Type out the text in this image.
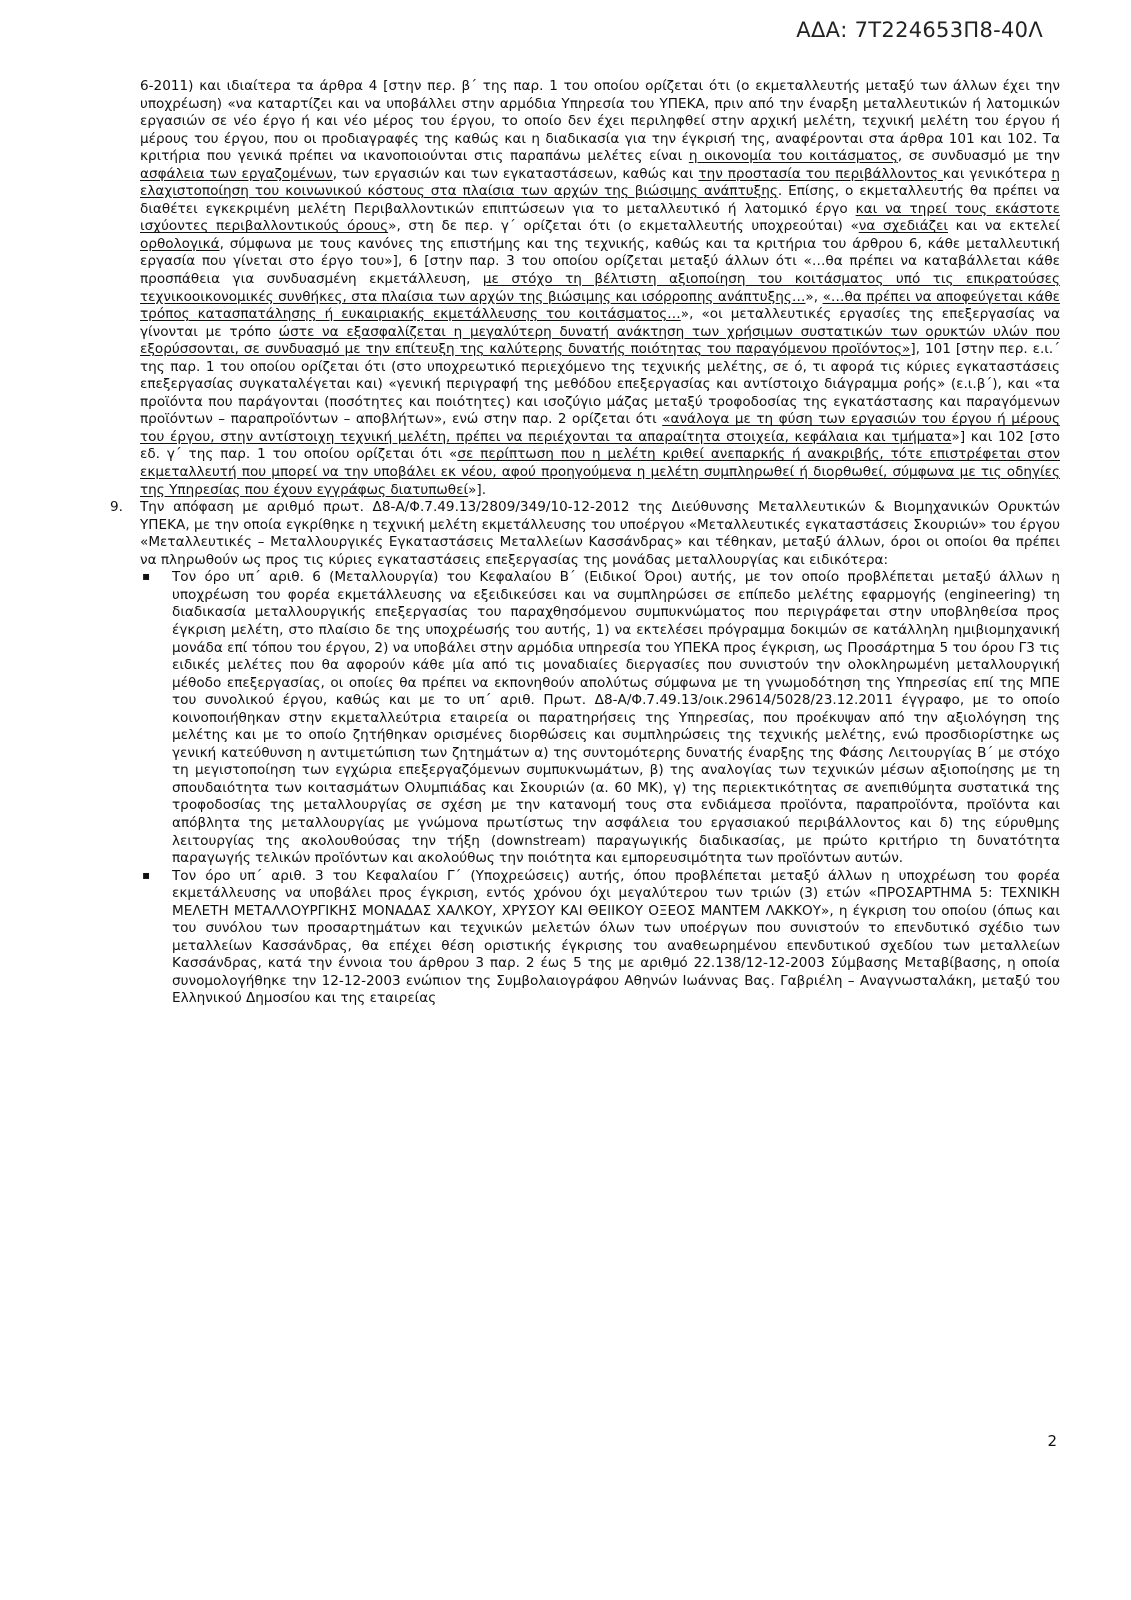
ΑΔΑ: 7Τ224653Π8-40Λ

6-2011) και ιδιαίτερα τα άρθρα 4 [στην περ. β΄ της παρ. 1 του οποίου ορίζεται ότι (ο εκμεταλλευτής μεταξύ των άλλων έχει την υποχρέωση) «να καταρτίζει και να υποβάλλει στην αρμόδια Υπηρεσία του ΥΠΕΚΑ, πριν από την έναρξη μεταλλευτικών ή λατομικών εργασιών σε νέο έργο ή και νέο μέρος του έργου, το οποίο δεν έχει περιληφθεί στην αρχική μελέτη, τεχνική μελέτη του έργου ή μέρους του έργου, που οι προδιαγραφές της καθώς και η διαδικασία για την έγκρισή της, αναφέρονται στα άρθρα 101 και 102. Τα κριτήρια που γενικά πρέπει να ικανοποιούνται στις παραπάνω μελέτες είναι η οικονομία του κοιτάσματος, σε συνδυασμό με την ασφάλεια των εργαζομένων, των εργασιών και των εγκαταστάσεων, καθώς και την προστασία του περιβάλλοντος και γενικότερα η ελαχιστοποίηση του κοινωνικού κόστους στα πλαίσια των αρχών της βιώσιμης ανάπτυξης. Επίσης, ο εκμεταλλευτής θα πρέπει να διαθέτει εγκεκριμένη μελέτη Περιβαλλοντικών επιπτώσεων για το μεταλλευτικό ή λατομικό έργο και να τηρεί τους εκάστοτε ισχύοντες περιβαλλοντικούς όρους», στη δε περ. γ΄ ορίζεται ότι (ο εκμεταλλευτής υποχρεούται) «να σχεδιάζει και να εκτελεί ορθολογικά, σύμφωνα με τους κανόνες της επιστήμης και της τεχνικής, καθώς και τα κριτήρια του άρθρου 6, κάθε μεταλλευτική εργασία που γίνεται στο έργο του»], 6 [στην παρ. 3 του οποίου ορίζεται μεταξύ άλλων ότι «…θα πρέπει να καταβάλλεται κάθε προσπάθεια για συνδυασμένη εκμετάλλευση, με στόχο τη βέλτιστη αξιοποίηση του κοιτάσματος υπό τις επικρατούσες τεχνικοοικονομικές συνθήκες, στα πλαίσια των αρχών της βιώσιμης και ισόρροπης ανάπτυξης…», «…θα πρέπει να αποφεύγεται κάθε τρόπος κατασπατάλησης ή ευκαιριακής εκμετάλλευσης του κοιτάσματος…», «οι μεταλλευτικές εργασίες της επεξεργασίας να γίνονται με τρόπο ώστε να εξασφαλίζεται η μεγαλύτερη δυνατή ανάκτηση των χρήσιμων συστατικών των ορυκτών υλών που εξορύσσονται, σε συνδυασμό με την επίτευξη της καλύτερης δυνατής ποιότητας του παραγόμενου προϊόντος»], 101 [στην περ. ε.ι.΄ της παρ. 1 του οποίου ορίζεται ότι (στο υποχρεωτικό περιεχόμενο της τεχνικής μελέτης, σε ό, τι αφορά τις κύριες εγκαταστάσεις επεξεργασίας συγκαταλέγεται και) «γενική περιγραφή της μεθόδου επεξεργασίας και αντίστοιχο διάγραμμα ροής» (ε.ι.β΄), και «τα προϊόντα που παράγονται (ποσότητες και ποιότητες) και ισοζύγιο μάζας μεταξύ τροφοδοσίας της εγκατάστασης και παραγόμενων προϊόντων – παραπροϊόντων – αποβλήτων», ενώ στην παρ. 2 ορίζεται ότι «ανάλογα με τη φύση των εργασιών του έργου ή μέρους του έργου, στην αντίστοιχη τεχνική μελέτη, πρέπει να περιέχονται τα απαραίτητα στοιχεία, κεφάλαια και τμήματα»] και 102 [στο εδ. γ΄ της παρ. 1 του οποίου ορίζεται ότι «σε περίπτωση που η μελέτη κριθεί ανεπαρκής ή ανακριβής, τότε επιστρέφεται στον εκμεταλλευτή που μπορεί να την υποβάλει εκ νέου, αφού προηγούμενα η μελέτη συμπληρωθεί ή διορθωθεί, σύμφωνα με τις οδηγίες της Υπηρεσίας που έχουν εγγράφως διατυπωθεί»].

9. Την απόφαση με αριθμό πρωτ. Δ8-Α/Φ.7.49.13/2809/349/10-12-2012 της Διεύθυνσης Μεταλλευτικών & Βιομηχανικών Ορυκτών ΥΠΕΚΑ, με την οποία εγκρίθηκε η τεχνική μελέτη εκμετάλλευσης του υποέργου «Μεταλλευτικές εγκαταστάσεις Σκουριών» του έργου «Μεταλλευτικές – Μεταλλουργικές Εγκαταστάσεις Μεταλλείων Κασσάνδρας» και τέθηκαν, μεταξύ άλλων, όροι οι οποίοι θα πρέπει να πληρωθούν ως προς τις κύριες εγκαταστάσεις επεξεργασίας της μονάδας μεταλλουργίας και ειδικότερα:

▪ Τον όρο υπ΄ αριθ. 6 (Μεταλλουργία) του Κεφαλαίου Β΄ (Ειδικοί Όροι) αυτής, με τον οποίο προβλέπεται μεταξύ άλλων η υποχρέωση του φορέα εκμετάλλευσης να εξειδικεύσει και να συμπληρώσει σε επίπεδο μελέτης εφαρμογής (engineering) τη διαδικασία μεταλλουργικής επεξεργασίας του παραχθησόμενου συμπυκνώματος που περιγράφεται στην υποβληθείσα προς έγκριση μελέτη, στο πλαίσιο δε της υποχρέωσής του αυτής, 1) να εκτελέσει πρόγραμμα δοκιμών σε κατάλληλη ημιβιομηχανική μονάδα επί τόπου του έργου, 2) να υποβάλει στην αρμόδια υπηρεσία του ΥΠΕΚΑ προς έγκριση, ως Προσάρτημα 5 του όρου Γ3 τις ειδικές μελέτες που θα αφορούν κάθε μία από τις μοναδιαίες διεργασίες που συνιστούν την ολοκληρωμένη μεταλλουργική μέθοδο επεξεργασίας, οι οποίες θα πρέπει να εκπονηθούν απολύτως σύμφωνα με τη γνωμοδότηση της Υπηρεσίας επί της ΜΠΕ του συνολικού έργου, καθώς και με το υπ΄ αριθ. Πρωτ. Δ8-Α/Φ.7.49.13/οικ.29614/5028/23.12.2011 έγγραφο, με το οποίο κοινοποιήθηκαν στην εκμεταλλεύτρια εταιρεία οι παρατηρήσεις της Υπηρεσίας, που προέκυψαν από την αξιολόγηση της μελέτης και με το οποίο ζητήθηκαν ορισμένες διορθώσεις και συμπληρώσεις της τεχνικής μελέτης, ενώ προσδιορίστηκε ως γενική κατεύθυνση η αντιμετώπιση των ζητημάτων α) της συντομότερης δυνατής έναρξης της Φάσης Λειτουργίας Β΄ με στόχο τη μεγιστοποίηση των εγχώρια επεξεργαζόμενων συμπυκνωμάτων, β) της αναλογίας των τεχνικών μέσων αξιοποίησης με τη σπουδαιότητα των κοιτασμάτων Ολυμπιάδας και Σκουριών (α. 60 ΜΚ), γ) της περιεκτικότητας σε ανεπιθύμητα συστατικά της τροφοδοσίας της μεταλλουργίας σε σχέση με την κατανομή τους στα ενδιάμεσα προϊόντα, παραπροϊόντα, προϊόντα και απόβλητα της μεταλλουργίας με γνώμονα πρωτίστως την ασφάλεια του εργασιακού περιβάλλοντος και δ) της εύρυθμης λειτουργίας της ακολουθούσας την τήξη (downstream) παραγωγικής διαδικασίας, με πρώτο κριτήριο τη δυνατότητα παραγωγής τελικών προϊόντων και ακολούθως την ποιότητα και εμπορευσιμότητα των προϊόντων αυτών.

▪ Τον όρο υπ΄ αριθ. 3 του Κεφαλαίου Γ΄ (Υποχρεώσεις) αυτής, όπου προβλέπεται μεταξύ άλλων η υποχρέωση του φορέα εκμετάλλευσης να υποβάλει προς έγκριση, εντός χρόνου όχι μεγαλύτερου των τριών (3) ετών «ΠΡΟΣΑΡΤΗΜΑ 5: ΤΕΧΝΙΚΗ ΜΕΛΕΤΗ ΜΕΤΑΛΛΟΥΡΓΙΚΗΣ ΜΟΝΑΔΑΣ ΧΑΛΚΟΥ, ΧΡΥΣΟΥ ΚΑΙ ΘΕΙΙΚΟΥ ΟΞΕΟΣ ΜΑΝΤΕΜ ΛΑΚΚΟΥ», η έγκριση του οποίου (όπως και του συνόλου των προσαρτημάτων και τεχνικών μελετών όλων των υποέργων που συνιστούν το επενδυτικό σχέδιο των μεταλλείων Κασσάνδρας, θα επέχει θέση οριστικής έγκρισης του αναθεωρημένου επενδυτικού σχεδίου των μεταλλείων Κασσάνδρας, κατά την έννοια του άρθρου 3 παρ. 2 έως 5 της με αριθμό 22.138/12-12-2003 Σύμβασης Μεταβίβασης, η οποία συνομολογήθηκε την 12-12-2003 ενώπιον της Συμβολαιογράφου Αθηνών Ιωάννας Βας. Γαβριέλη – Αναγνωσταλάκη, μεταξύ του Ελληνικού Δημοσίου και της εταιρείας

2
